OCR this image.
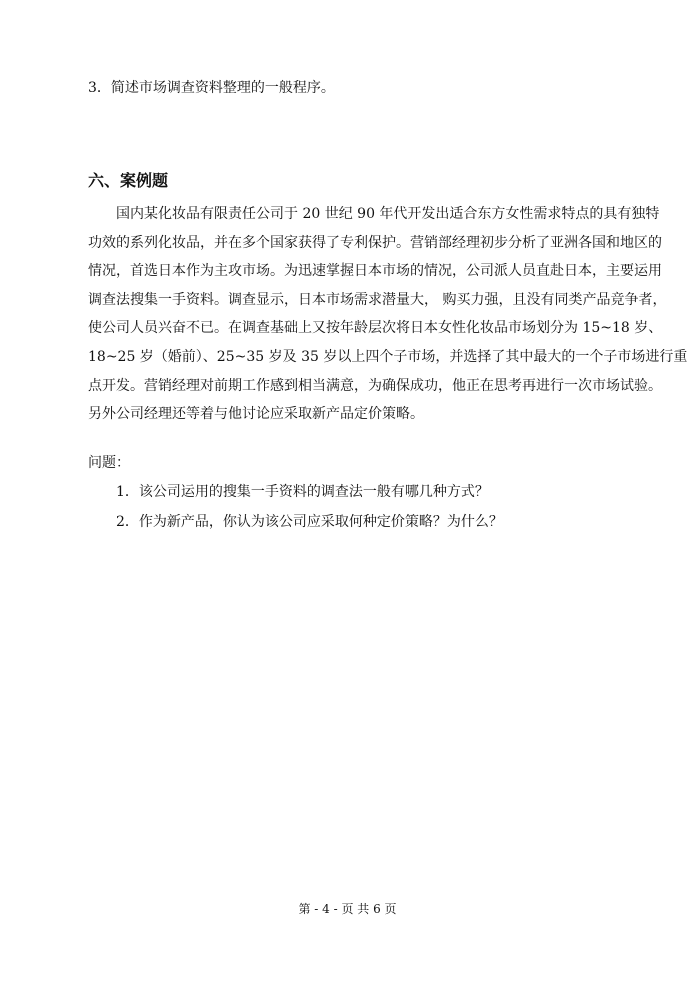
3．简述市场调查资料整理的一般程序。
六、案例题
国内某化妆品有限责任公司于 20 世纪 90 年代开发出适合东方女性需求特点的具有独特
功效的系列化妆品，并在多个国家获得了专利保护。营销部经理初步分析了亚洲各国和地区的
情况，首选日本作为主攻市场。为迅速掌握日本市场的情况，公司派人员直赴日本，主要运用
调查法搜集一手资料。调查显示，日本市场需求潜量大， 购买力强，且没有同类产品竞争者，
使公司人员兴奋不已。在调查基础上又按年龄层次将日本女性化妆品市场划分为 15~18 岁、
18~25 岁（婚前）、25~35 岁及 35 岁以上四个子市场，并选择了其中最大的一个子市场进行重
点开发。营销经理对前期工作感到相当满意，为确保成功，他正在思考再进行一次市场试验。
另外公司经理还等着与他讨论应采取新产品定价策略。
问题：
1．该公司运用的搜集一手资料的调查法一般有哪几种方式？
2．作为新产品，你认为该公司应采取何种定价策略？为什么？
第 - 4 - 页 共 6 页
